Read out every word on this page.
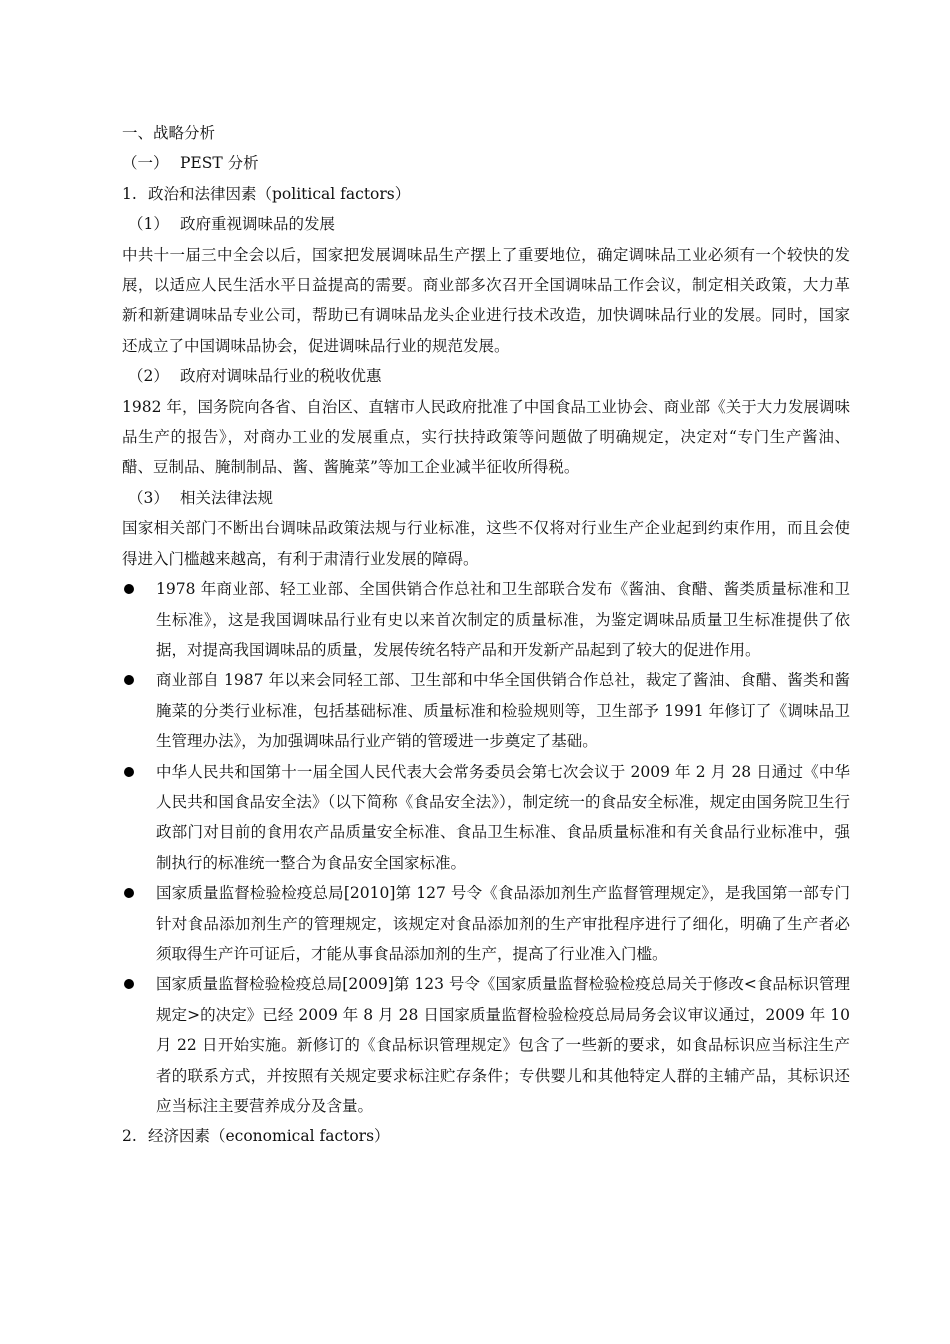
一、战略分析

（一） PEST 分析

1. 政治和法律因素（political factors）

（1） 政府重视调味品的发展

中共十一届三中全会以后，国家把发展调味品生产摆上了重要地位，确定调味品工业必须有一个较快的发展，以适应人民生活水平日益提高的需要。商业部多次召开全国调味品工作会议，制定相关政策，大力革新和新建调味品专业公司，帮助已有调味品龙头企业进行技术改造，加快调味品行业的发展。同时，国家还成立了中国调味品协会，促进调味品行业的规范发展。

（2） 政府对调味品行业的税收优惠

1982 年，国务院向各省、自治区、直辖市人民政府批准了中国食品工业协会、商业部《关于大力发展调味品生产的报告》，对商办工业的发展重点，实行扶持政策等问题做了明确规定，决定对“专门生产酱油、醋、豆制品、腌制制品、酱、酱腌菜”等加工企业减半征收所得税。

（3） 相关法律法规

国家相关部门不断出台调味品政策法规与行业标准，这些不仅将对行业生产企业起到约束作用，而且会使得进入门槛越来越高，有利于肃清行业发展的障碍。

1978 年商业部、轻工业部、全国供销合作总社和卫生部联合发布《酱油、食醋、酱类质量标准和卫生标准》，这是我国调味品行业有史以来首次制定的质量标准，为鉴定调味品质量卫生标准提供了依据，对提高我国调味品的质量，发展传统名特产品和开发新产品起到了较大的促进作用。
商业部自 1987 年以来会同轻工部、卫生部和中华全国供销合作总社，裁定了酱油、食醋、酱类和酱腌菜的分类行业标准，包括基础标准、质量标准和检验规则等，卫生部予 1991 年修订了《调味品卫生管理办法》，为加强调味品行业产销的管瑷进一步奠定了基础。
中华人民共和国第十一届全国人民代表大会常务委员会第七次会议于 2009 年 2 月 28 日通过《中华人民共和国食品安全法》（以下简称《食品安全法》），制定统一的食品安全标准，规定由国务院卫生行政部门对目前的食用农产品质量安全标准、食品卫生标准、食品质量标准和有关食品行业标准中，强制执行的标准统一整合为食品安全国家标准。
国家质量监督检验检疫总局[2010]第 127 号令《食品添加剂生产监督管理规定》，是我国第一部专门针对食品添加剂生产的管理规定，该规定对食品添加剂的生产审批程序进行了细化，明确了生产者必须取得生产许可证后，才能从事食品添加剂的生产，提高了行业准入门槛。
国家质量监督检验检疫总局[2009]第 123 号令《国家质量监督检验检疫总局关于修改<食品标识管理规定>的决定》已经 2009 年 8 月 28 日国家质量监督检验检疫总局局务会议审议通过，2009 年 10 月 22 日开始实施。新修订的《食品标识管理规定》包含了一些新的要求，如食品标识应当标注生产者的联系方式，并按照有关规定要求标注贮存条件；专供婴儿和其他特定人群的主辅产品，其标识还应当标注主要营养成分及含量。

2. 经济因素（economical factors）
